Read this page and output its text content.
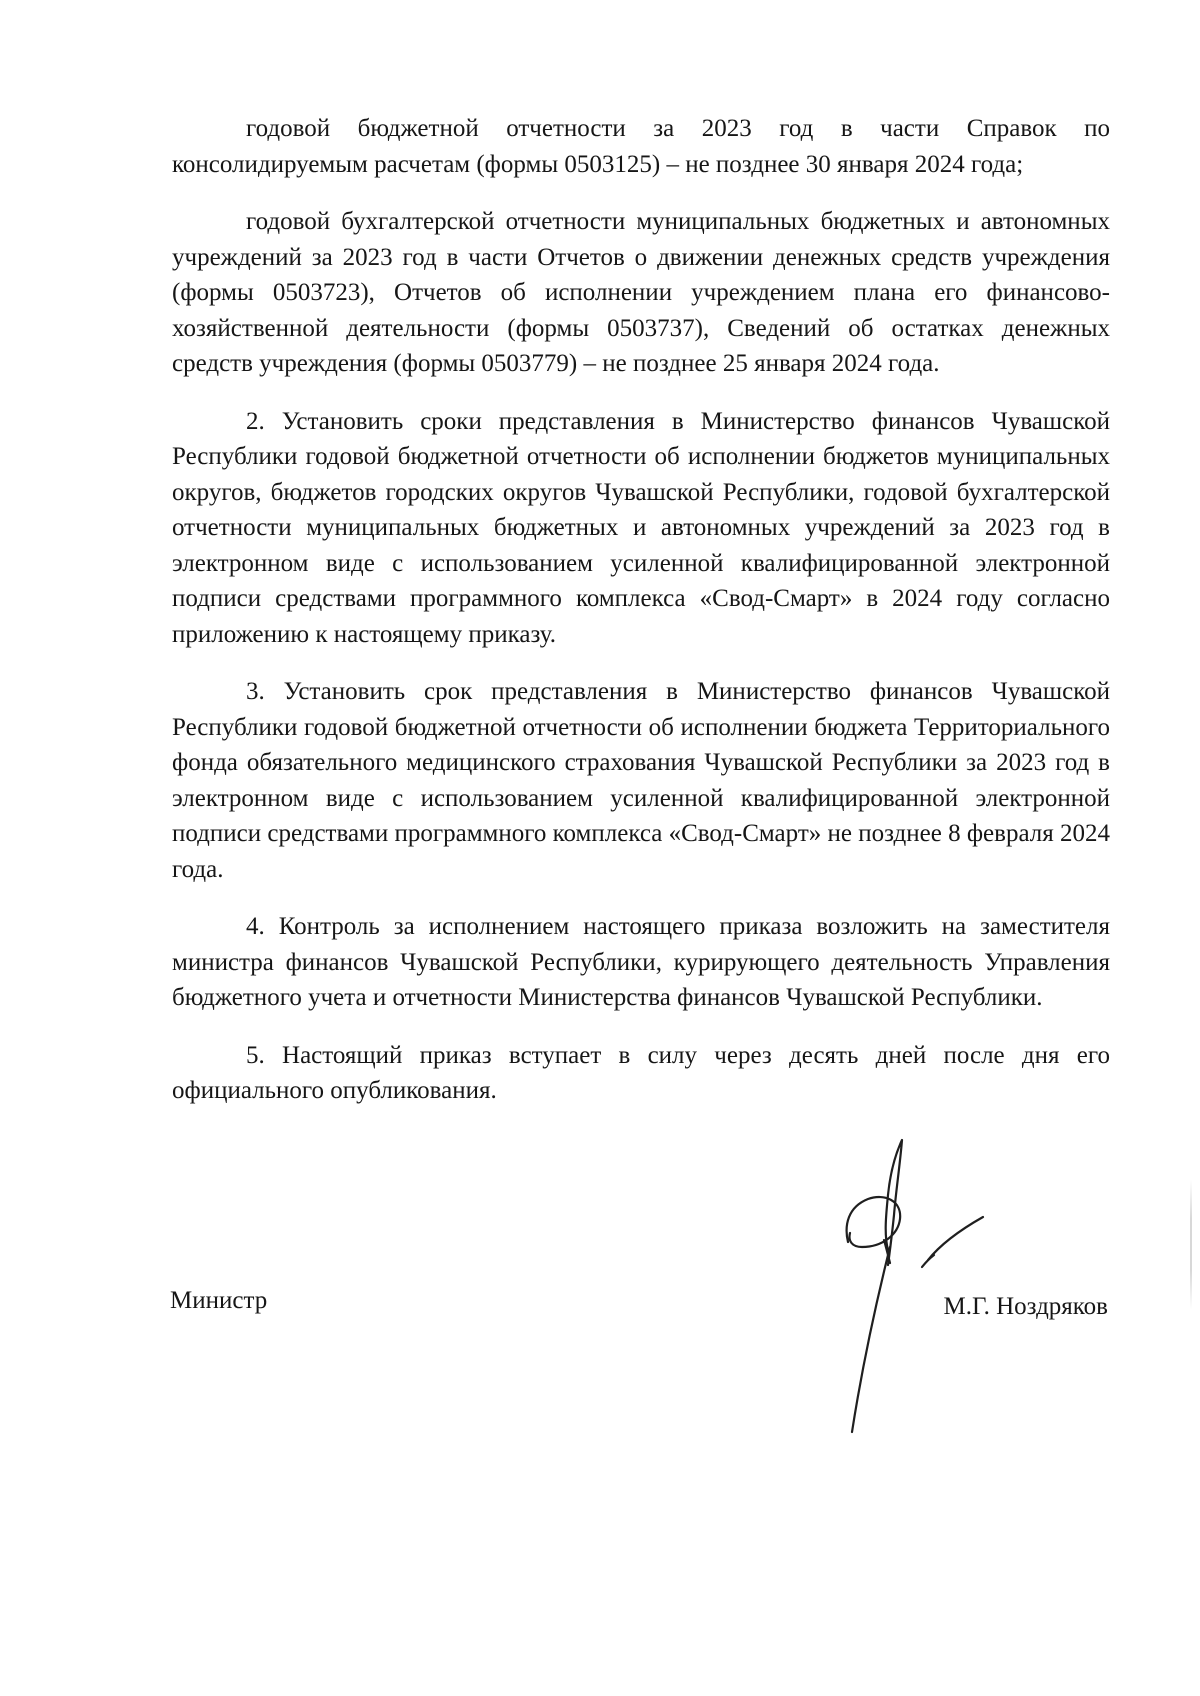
годовой бюджетной отчетности за 2023 год в части Справок по консолидируемым расчетам (формы 0503125) – не позднее 30 января 2024 года;

годовой бухгалтерской отчетности муниципальных бюджетных и автономных учреждений за 2023 год в части Отчетов о движении денежных средств учреждения (формы 0503723), Отчетов об исполнении учреждением плана его финансово-хозяйственной деятельности (формы 0503737), Сведений об остатках денежных средств учреждения (формы 0503779) – не позднее 25 января 2024 года.

2. Установить сроки представления в Министерство финансов Чувашской Республики годовой бюджетной отчетности об исполнении бюджетов муниципальных округов, бюджетов городских округов Чувашской Республики, годовой бухгалтерской отчетности муниципальных бюджетных и автономных учреждений за 2023 год в электронном виде с использованием усиленной квалифицированной электронной подписи средствами программного комплекса «Свод-Смарт» в 2024 году согласно приложению к настоящему приказу.

3. Установить срок представления в Министерство финансов Чувашской Республики годовой бюджетной отчетности об исполнении бюджета Территориального фонда обязательного медицинского страхования Чувашской Республики за 2023 год в электронном виде с использованием усиленной квалифицированной электронной подписи средствами программного комплекса «Свод-Смарт» не позднее 8 февраля 2024 года.

4. Контроль за исполнением настоящего приказа возложить на заместителя министра финансов Чувашской Республики, курирующего деятельность Управления бюджетного учета и отчетности Министерства финансов Чувашской Республики.

5. Настоящий приказ вступает в силу через десять дней после дня его официального опубликования.

Министр	М.Г. Ноздряков
